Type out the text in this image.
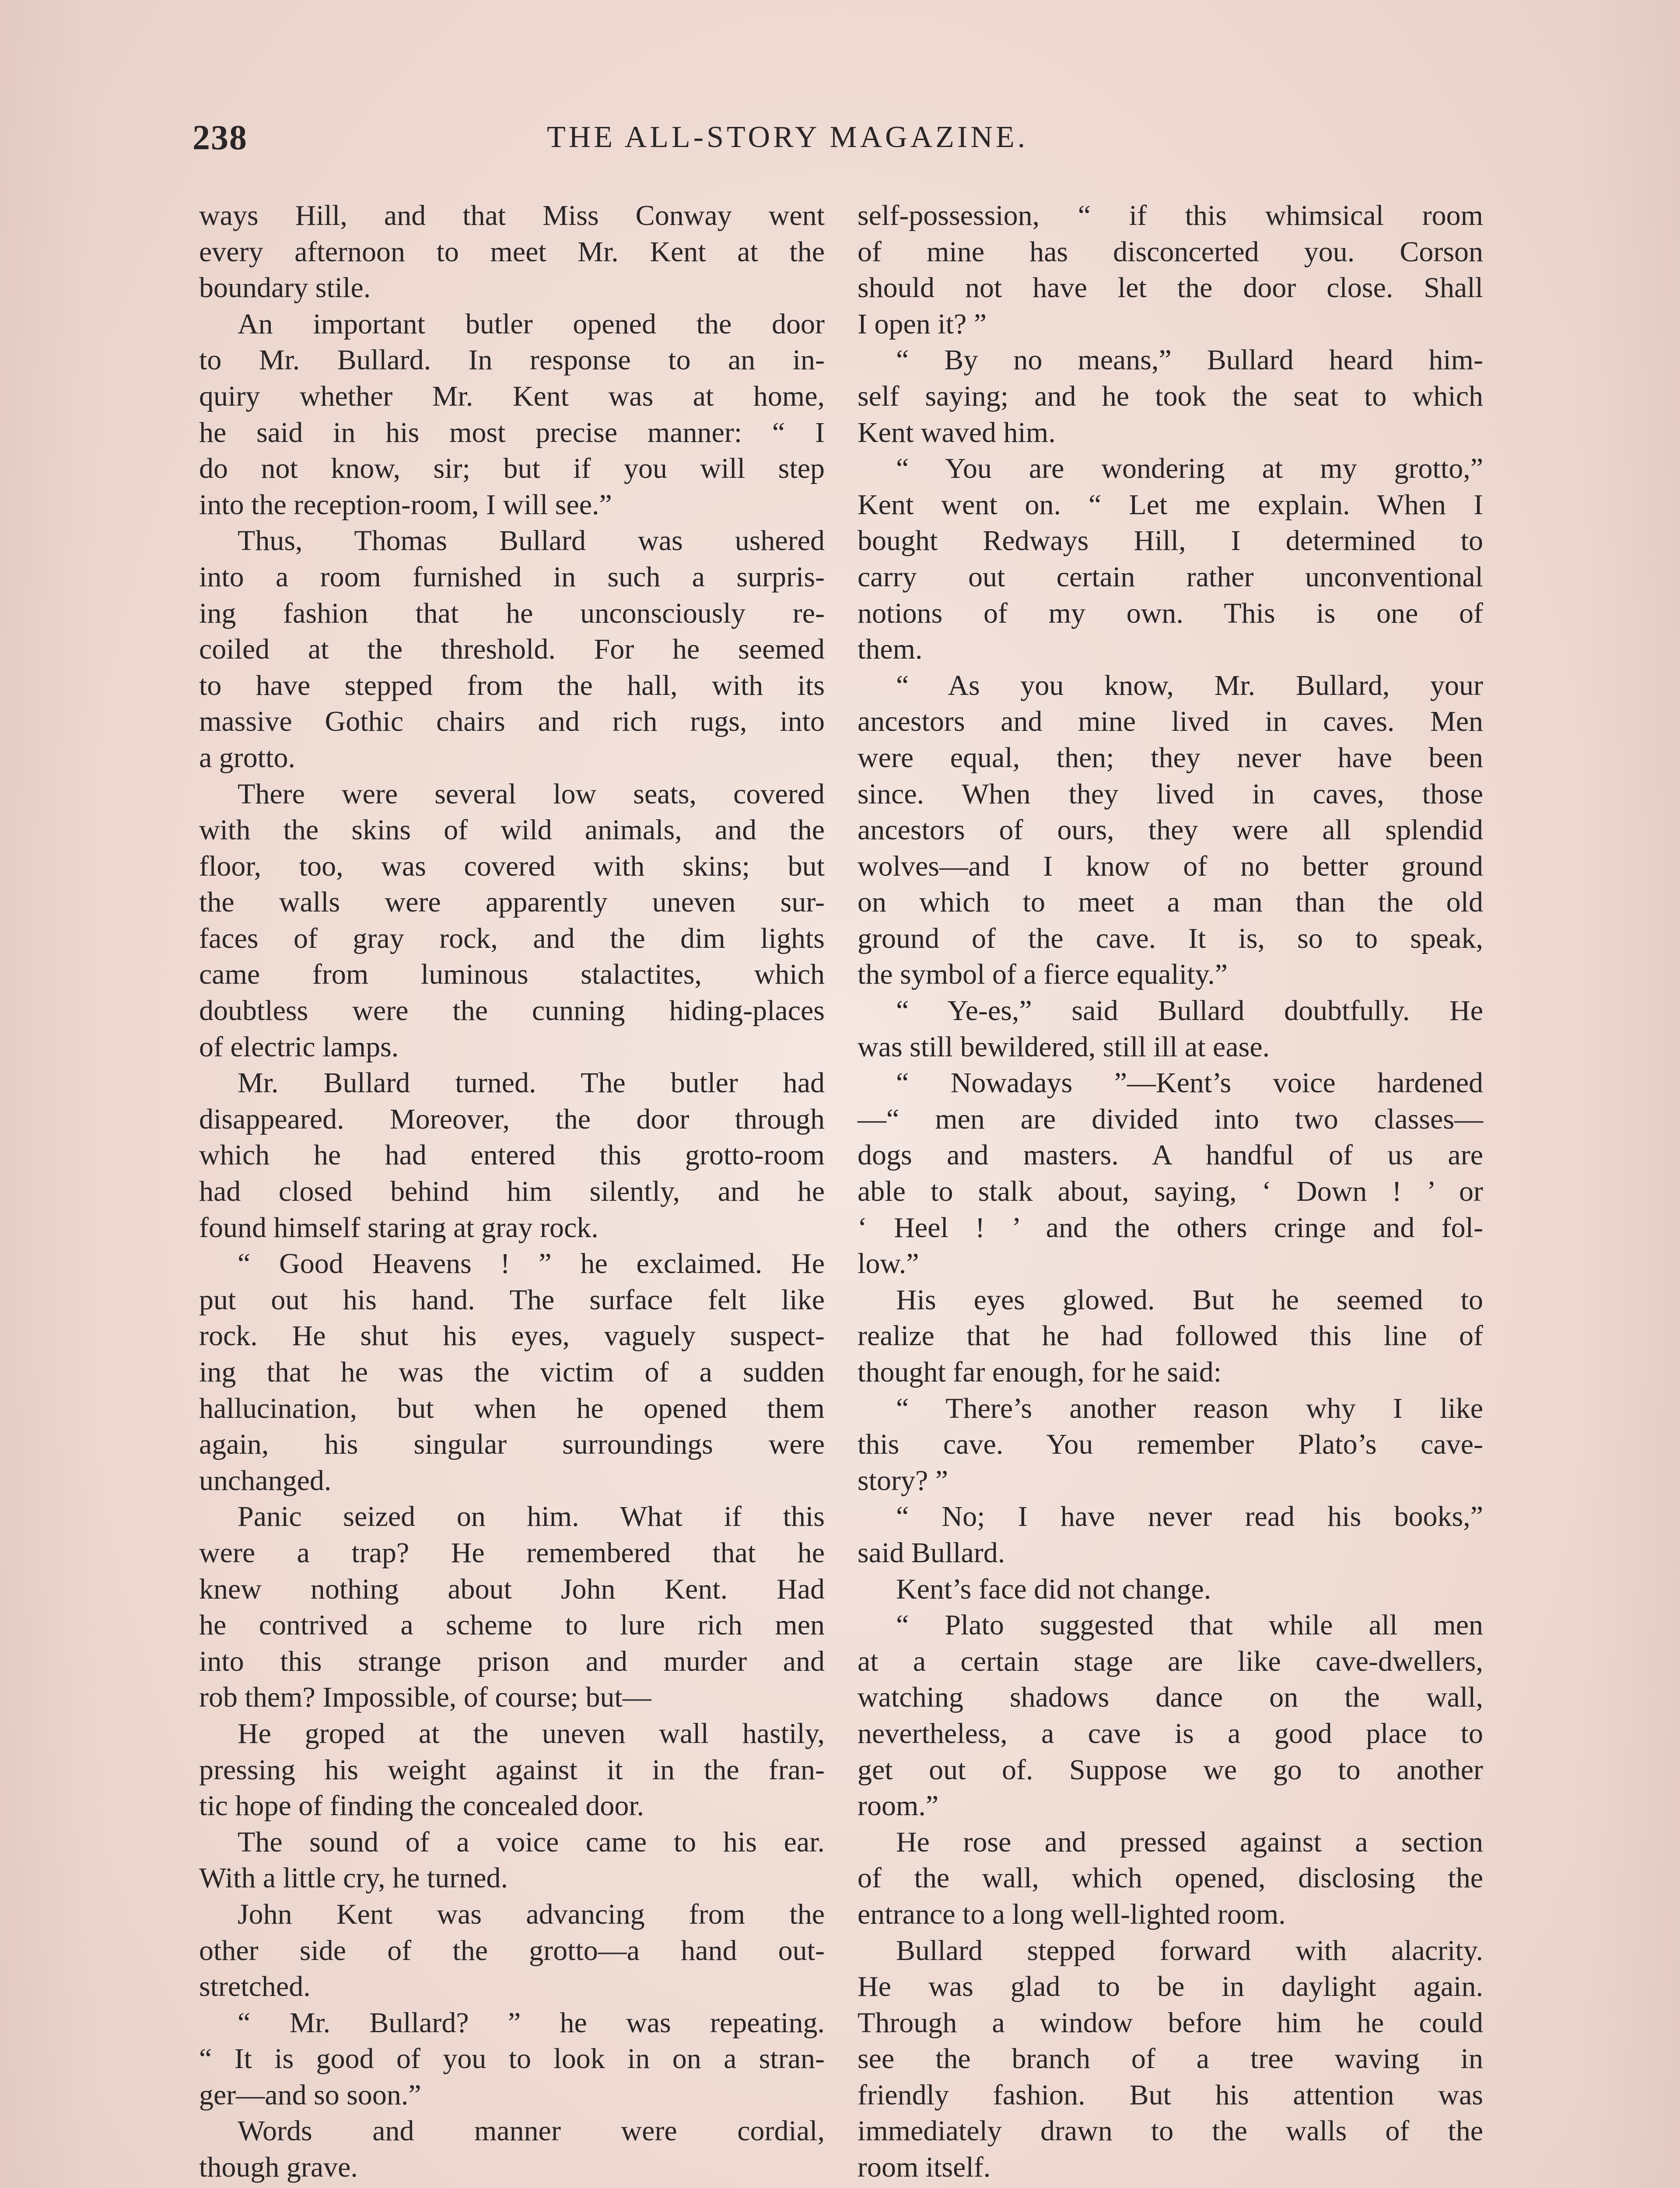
238	THE ALL-STORY MAGAZINE.
ways Hill, and that Miss Conway went
every afternoon to meet Mr. Kent at the
boundary stile.
An important butler opened the door
to Mr. Bullard. In response to an in-
quiry whether Mr. Kent was at home,
he said in his most precise manner: “ I
do not know, sir; but if you will step
into the reception-room, I will see.”
Thus, Thomas Bullard was ushered
into a room furnished in such a surpris-
ing fashion that he unconsciously re-
coiled at the threshold. For he seemed
to have stepped from the hall, with its
massive Gothic chairs and rich rugs, into
a grotto.
There were several low seats, covered
with the skins of wild animals, and the
floor, too, was covered with skins; but
the walls were apparently uneven sur-
faces of gray rock, and the dim lights
came from luminous stalactites, which
doubtless were the cunning hiding-places
of electric lamps.
Mr. Bullard turned. The butler had
disappeared. Moreover, the door through
which he had entered this grotto-room
had closed behind him silently, and he
found himself staring at gray rock.
“ Good Heavens ! ” he exclaimed. He
put out his hand. The surface felt like
rock. He shut his eyes, vaguely suspect-
ing that he was the victim of a sudden
hallucination, but when he opened them
again, his singular surroundings were
unchanged.
Panic seized on him. What if this
were a trap? He remembered that he
knew nothing about John Kent. Had
he contrived a scheme to lure rich men
into this strange prison and murder and
rob them? Impossible, of course; but—
He groped at the uneven wall hastily,
pressing his weight against it in the fran-
tic hope of finding the concealed door.
The sound of a voice came to his ear.
With a little cry, he turned.
John Kent was advancing from the
other side of the grotto—a hand out-
stretched.
“ Mr. Bullard? ” he was repeating.
“ It is good of you to look in on a stran-
ger—and so soon.”
Words and manner were cordial,
though grave.
self-possession, “ if this whimsical room
of mine has disconcerted you. Corson
should not have let the door close. Shall
I open it? ”
“ By no means,” Bullard heard him-
self saying; and he took the seat to which
Kent waved him.
“ You are wondering at my grotto,”
Kent went on. “ Let me explain. When I
bought Redways Hill, I determined to
carry out certain rather unconventional
notions of my own. This is one of
them.
“ As you know, Mr. Bullard, your
ancestors and mine lived in caves. Men
were equal, then; they never have been
since. When they lived in caves, those
ancestors of ours, they were all splendid
wolves—and I know of no better ground
on which to meet a man than the old
ground of the cave. It is, so to speak,
the symbol of a fierce equality.”
“ Ye-es,” said Bullard doubtfully. He
was still bewildered, still ill at ease.
“ Nowadays ”—Kent’s voice hardened
—“ men are divided into two classes—
dogs and masters. A handful of us are
able to stalk about, saying, ‘ Down ! ’ or
‘ Heel ! ’ and the others cringe and fol-
low.”
His eyes glowed. But he seemed to
realize that he had followed this line of
thought far enough, for he said:
“ There’s another reason why I like
this cave. You remember Plato’s cave-
story? ”
“ No; I have never read his books,”
said Bullard.
Kent’s face did not change.
“ Plato suggested that while all men
at a certain stage are like cave-dwellers,
watching shadows dance on the wall,
nevertheless, a cave is a good place to
get out of. Suppose we go to another
room.”
He rose and pressed against a section
of the wall, which opened, disclosing the
entrance to a long well-lighted room.
Bullard stepped forward with alacrity.
He was glad to be in daylight again.
Through a window before him he could
see the branch of a tree waving in
friendly fashion. But his attention was
immediately drawn to the walls of the
room itself.
